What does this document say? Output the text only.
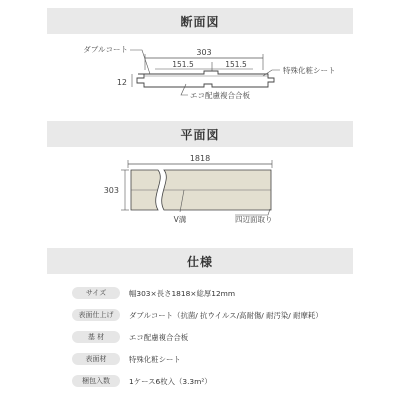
断面図
303
151.5	151.5
12
ダブルコート
特殊化粧シート
エコ配慮複合合板
平面図
1818
303
V溝	四辺面取り
仕様
サイズ	幅303×長さ1818×総厚12mm
表面仕上げ	ダブルコート（抗菌/ 抗ウイルス/高耐傷/ 耐汚染/ 耐摩耗）
基 材	エコ配慮複合合板
表面材	特殊化粧シート
梱包入数	1ケース6枚入（3.3m²）
